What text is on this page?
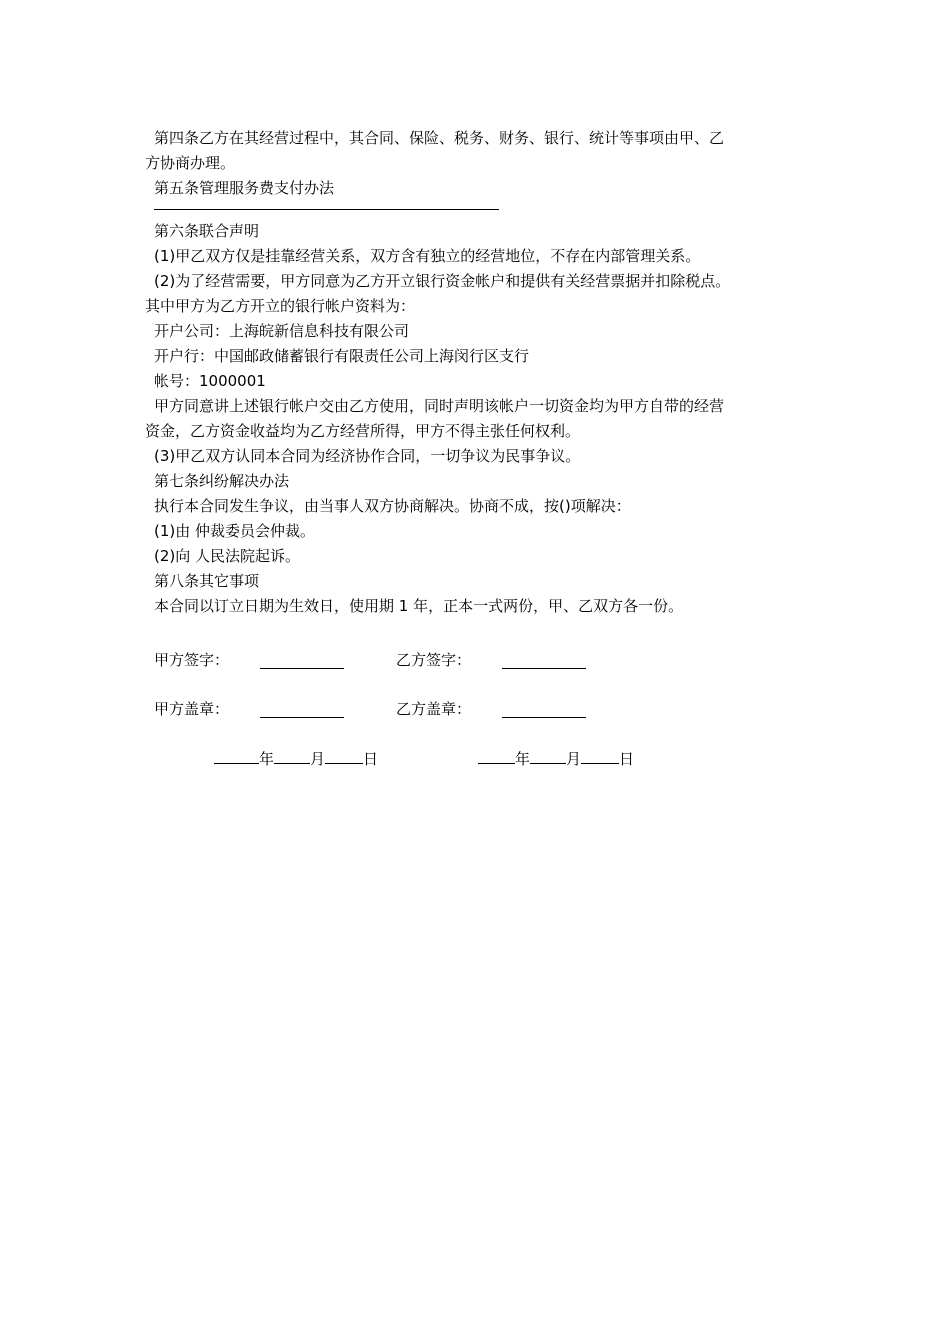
第四条乙方在其经营过程中，其合同、保险、税务、财务、银行、统计等事项由甲、乙
方协商办理。
第五条管理服务费支付办法
第六条联合声明
(1)甲乙双方仅是挂靠经营关系，双方含有独立的经营地位，不存在内部管理关系。
(2)为了经营需要，甲方同意为乙方开立银行资金帐户和提供有关经营票据并扣除税点。
其中甲方为乙方开立的银行帐户资料为：
开户公司：上海皖新信息科技有限公司
开户行：中国邮政储蓄银行有限责任公司上海闵行区支行
帐号：1000001
甲方同意讲上述银行帐户交由乙方使用，同时声明该帐户一切资金均为甲方自带的经营
资金，乙方资金收益均为乙方经营所得，甲方不得主张任何权利。
(3)甲乙双方认同本合同为经济协作合同，一切争议为民事争议。
第七条纠纷解决办法
执行本合同发生争议，由当事人双方协商解决。协商不成，按()项解决：
(1)由 仲裁委员会仲裁。
(2)向 人民法院起诉。
第八条其它事项
本合同以订立日期为生效日，使用期 1 年，正本一式两份，甲、乙双方各一份。
甲方签字：	乙方签字：
甲方盖章：	乙方盖章：
年 月	日	年 月	日
